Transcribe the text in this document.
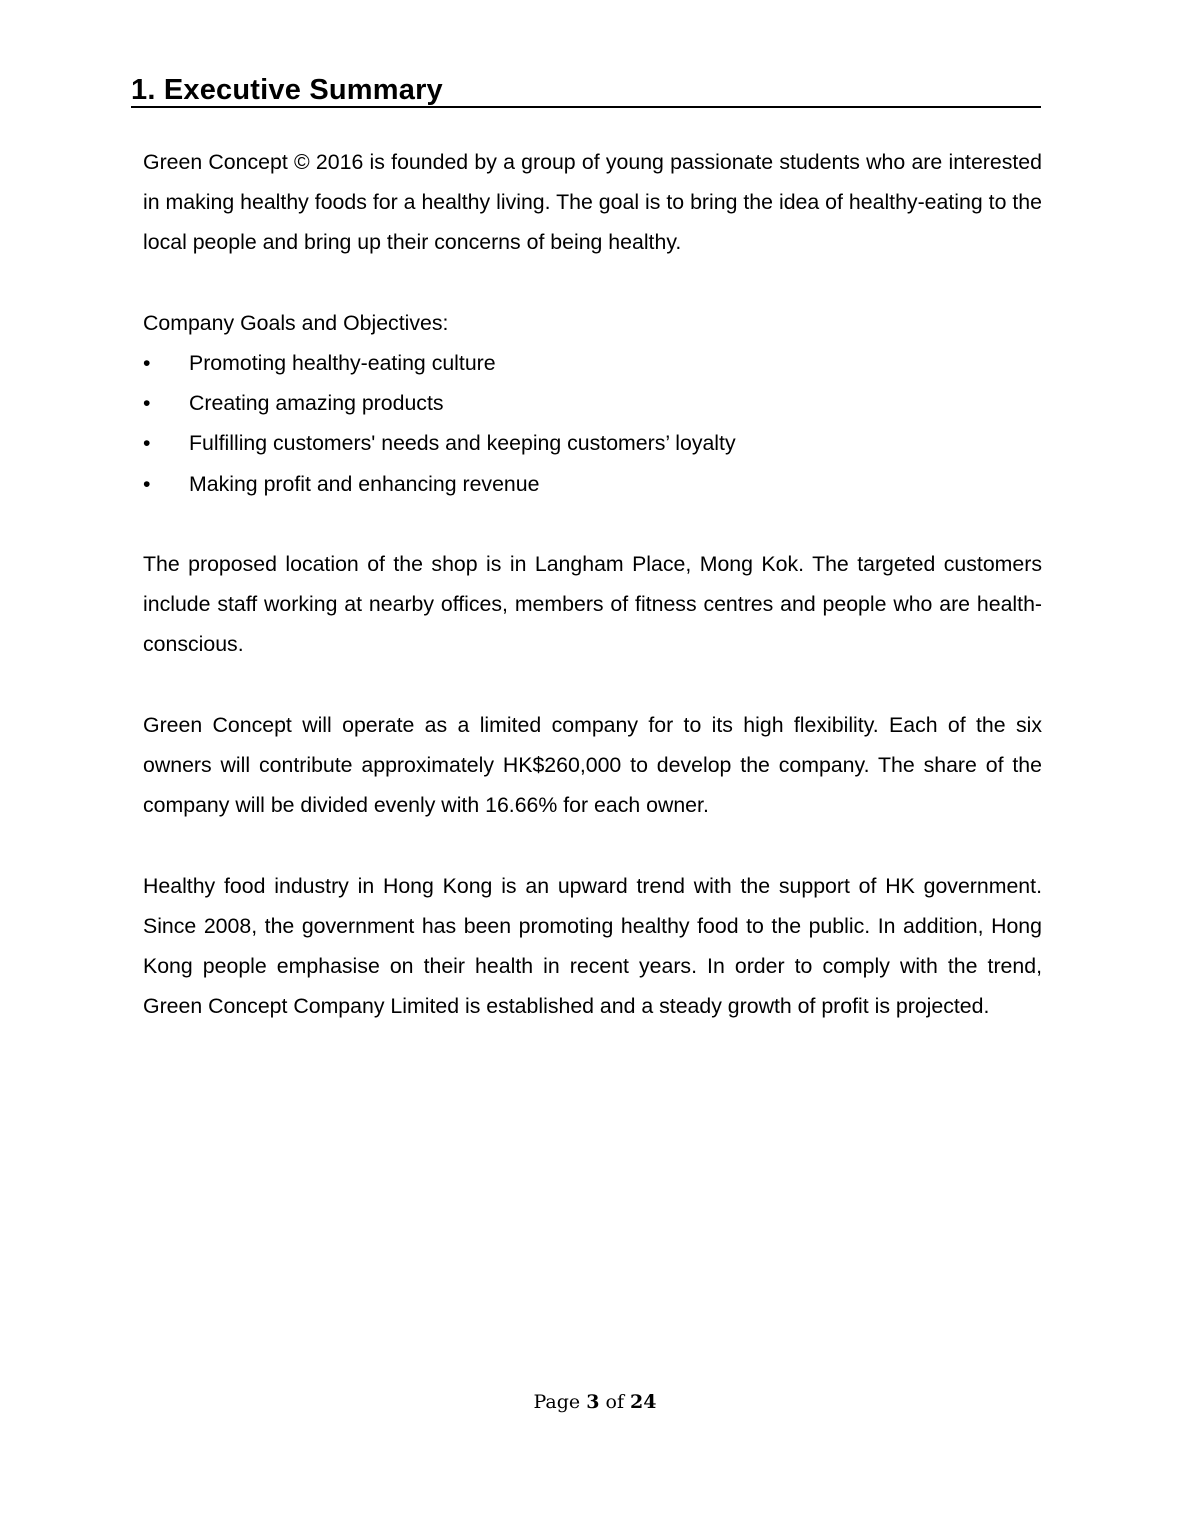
1. Executive Summary

Green Concept © 2016 is founded by a group of young passionate students who are interested in making healthy foods for a healthy living. The goal is to bring the idea of healthy-eating to the local people and bring up their concerns of being healthy.

Company Goals and Objectives:

• Promoting healthy-eating culture
• Creating amazing products
• Fulfilling customers' needs and keeping customers’ loyalty
• Making profit and enhancing revenue

The proposed location of the shop is in Langham Place, Mong Kok. The targeted customers include staff working at nearby offices, members of fitness centres and people who are health-conscious.

Green Concept will operate as a limited company for to its high flexibility. Each of the six owners will contribute approximately HK$260,000 to develop the company. The share of the company will be divided evenly with 16.66% for each owner.

Healthy food industry in Hong Kong is an upward trend with the support of HK government. Since 2008, the government has been promoting healthy food to the public. In addition, Hong Kong people emphasise on their health in recent years. In order to comply with the trend, Green Concept Company Limited is established and a steady growth of profit is projected.

Page 3 of 24
